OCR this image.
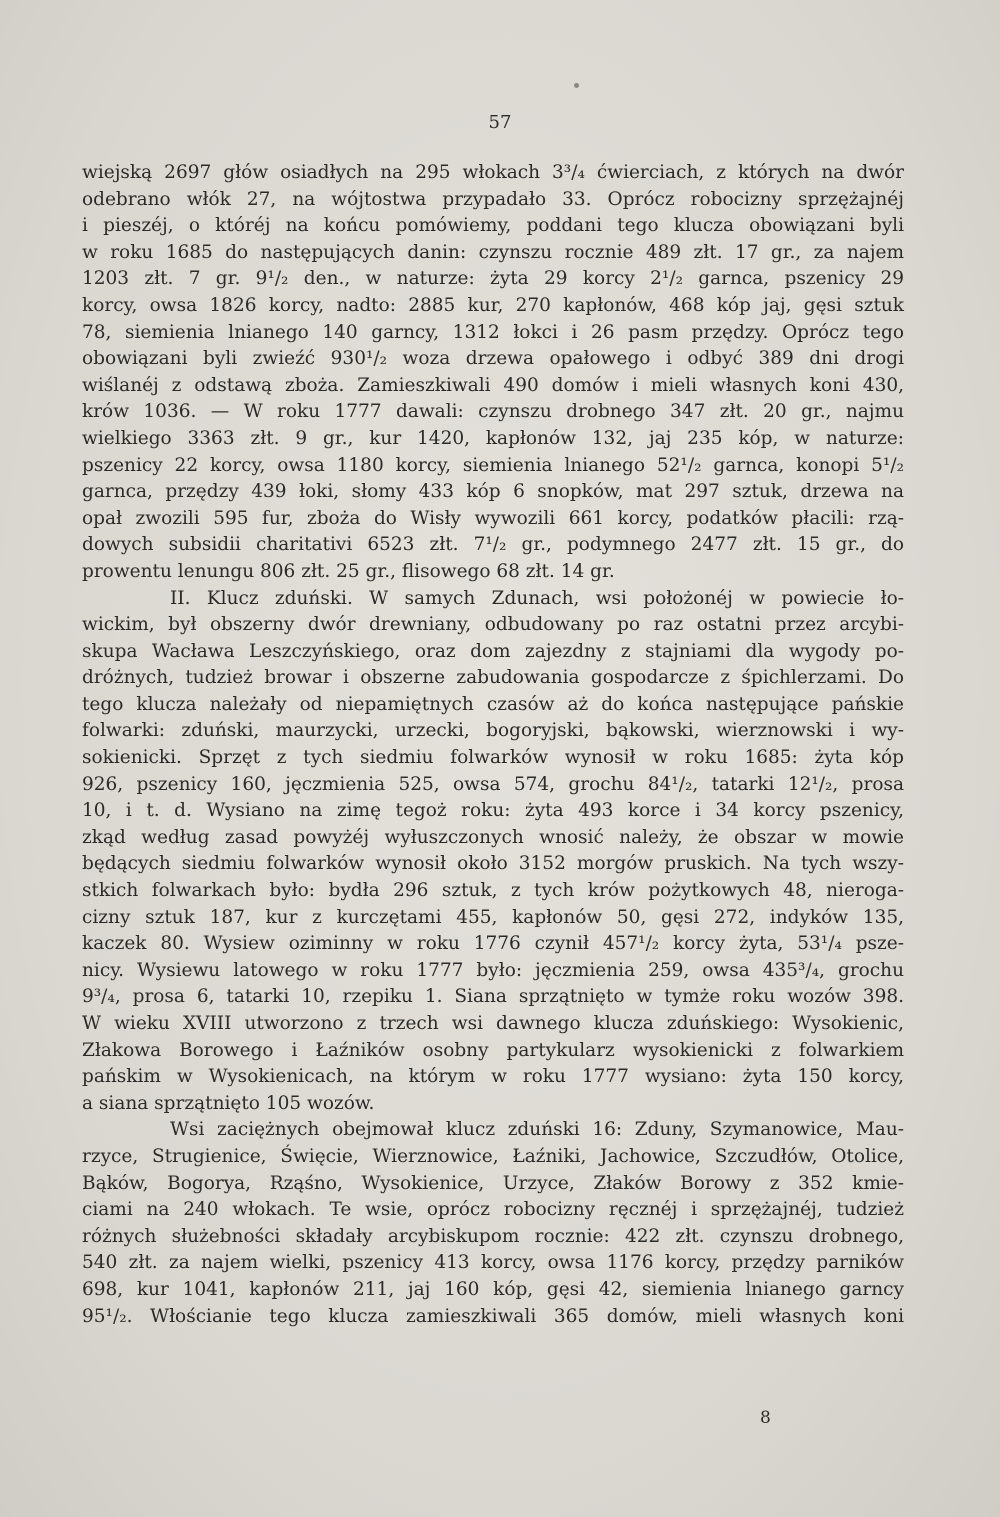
57
wiejską 2697 głów osiadłych na 295 włokach 3³/₄ ćwierciach, z których na dwór
odebrano włók 27, na wójtostwa przypadało 33. Oprócz robocizny sprzężajnéj
i pieszéj, o któréj na końcu pomówiemy, poddani tego klucza obowiązani byli
w roku 1685 do następujących danin: czynszu rocznie 489 złt. 17 gr., za najem
1203 złt. 7 gr. 9¹/₂ den., w naturze: żyta 29 korcy 2¹/₂ garnca, pszenicy 29
korcy, owsa 1826 korcy, nadto: 2885 kur, 270 kapłonów, 468 kóp jaj, gęsi sztuk
78, siemienia lnianego 140 garncy, 1312 łokci i 26 pasm przędzy. Oprócz tego
obowiązani byli zwieźć 930¹/₂ woza drzewa opałowego i odbyć 389 dni drogi
wiślanéj z odstawą zboża. Zamieszkiwali 490 domów i mieli własnych koni 430,
krów 1036. — W roku 1777 dawali: czynszu drobnego 347 złt. 20 gr., najmu
wielkiego 3363 złt. 9 gr., kur 1420, kapłonów 132, jaj 235 kóp, w naturze:
pszenicy 22 korcy, owsa 1180 korcy, siemienia lnianego 52¹/₂ garnca, konopi 5¹/₂
garnca, przędzy 439 łoki, słomy 433 kóp 6 snopków, mat 297 sztuk, drzewa na
opał zwozili 595 fur, zboża do Wisły wywozili 661 korcy, podatków płacili: rzą-
dowych subsidii charitativi 6523 złt. 7¹/₂ gr., podymnego 2477 złt. 15 gr., do
prowentu lenungu 806 złt. 25 gr., flisowego 68 złt. 14 gr.
II. Klucz zduński. W samych Zdunach, wsi położonéj w powiecie ło-
wickim, był obszerny dwór drewniany, odbudowany po raz ostatni przez arcybi-
skupa Wacława Leszczyńskiego, oraz dom zajezdny z stajniami dla wygody po-
dróżnych, tudzież browar i obszerne zabudowania gospodarcze z śpichlerzami. Do
tego klucza należały od niepamiętnych czasów aż do końca następujące pańskie
folwarki: zduński, maurzycki, urzecki, bogoryjski, bąkowski, wierznowski i wy-
sokienicki. Sprzęt z tych siedmiu folwarków wynosił w roku 1685: żyta kóp
926, pszenicy 160, jęczmienia 525, owsa 574, grochu 84¹/₂, tatarki 12¹/₂, prosa
10, i t. d. Wysiano na zimę tegoż roku: żyta 493 korce i 34 korcy pszenicy,
zkąd według zasad powyżéj wyłuszczonych wnosić należy, że obszar w mowie
będących siedmiu folwarków wynosił około 3152 morgów pruskich. Na tych wszy-
stkich folwarkach było: bydła 296 sztuk, z tych krów pożytkowych 48, nieroga-
cizny sztuk 187, kur z kurczętami 455, kapłonów 50, gęsi 272, indyków 135,
kaczek 80. Wysiew oziminny w roku 1776 czynił 457¹/₂ korcy żyta, 53¹/₄ psze-
nicy. Wysiewu latowego w roku 1777 było: jęczmienia 259, owsa 435³/₄, grochu
9³/₄, prosa 6, tatarki 10, rzepiku 1. Siana sprzątnięto w tymże roku wozów 398.
W wieku XVIII utworzono z trzech wsi dawnego klucza zduńskiego: Wysokienic,
Złakowa Borowego i Łaźników osobny partykularz wysokienicki z folwarkiem
pańskim w Wysokienicach, na którym w roku 1777 wysiano: żyta 150 korcy,
a siana sprzątnięto 105 wozów.
Wsi zaciężnych obejmował klucz zduński 16: Zduny, Szymanowice, Mau-
rzyce, Strugienice, Święcie, Wierznowice, Łaźniki, Jachowice, Szczudłów, Otolice,
Bąków, Bogorya, Rząśno, Wysokienice, Urzyce, Złaków Borowy z 352 kmie-
ciami na 240 włokach. Te wsie, oprócz robocizny ręcznéj i sprzężajnéj, tudzież
różnych służebności składały arcybiskupom rocznie: 422 złt. czynszu drobnego,
540 złt. za najem wielki, pszenicy 413 korcy, owsa 1176 korcy, przędzy parników
698, kur 1041, kapłonów 211, jaj 160 kóp, gęsi 42, siemienia lnianego garncy
95¹/₂. Włościanie tego klucza zamieszkiwali 365 domów, mieli własnych koni
8
